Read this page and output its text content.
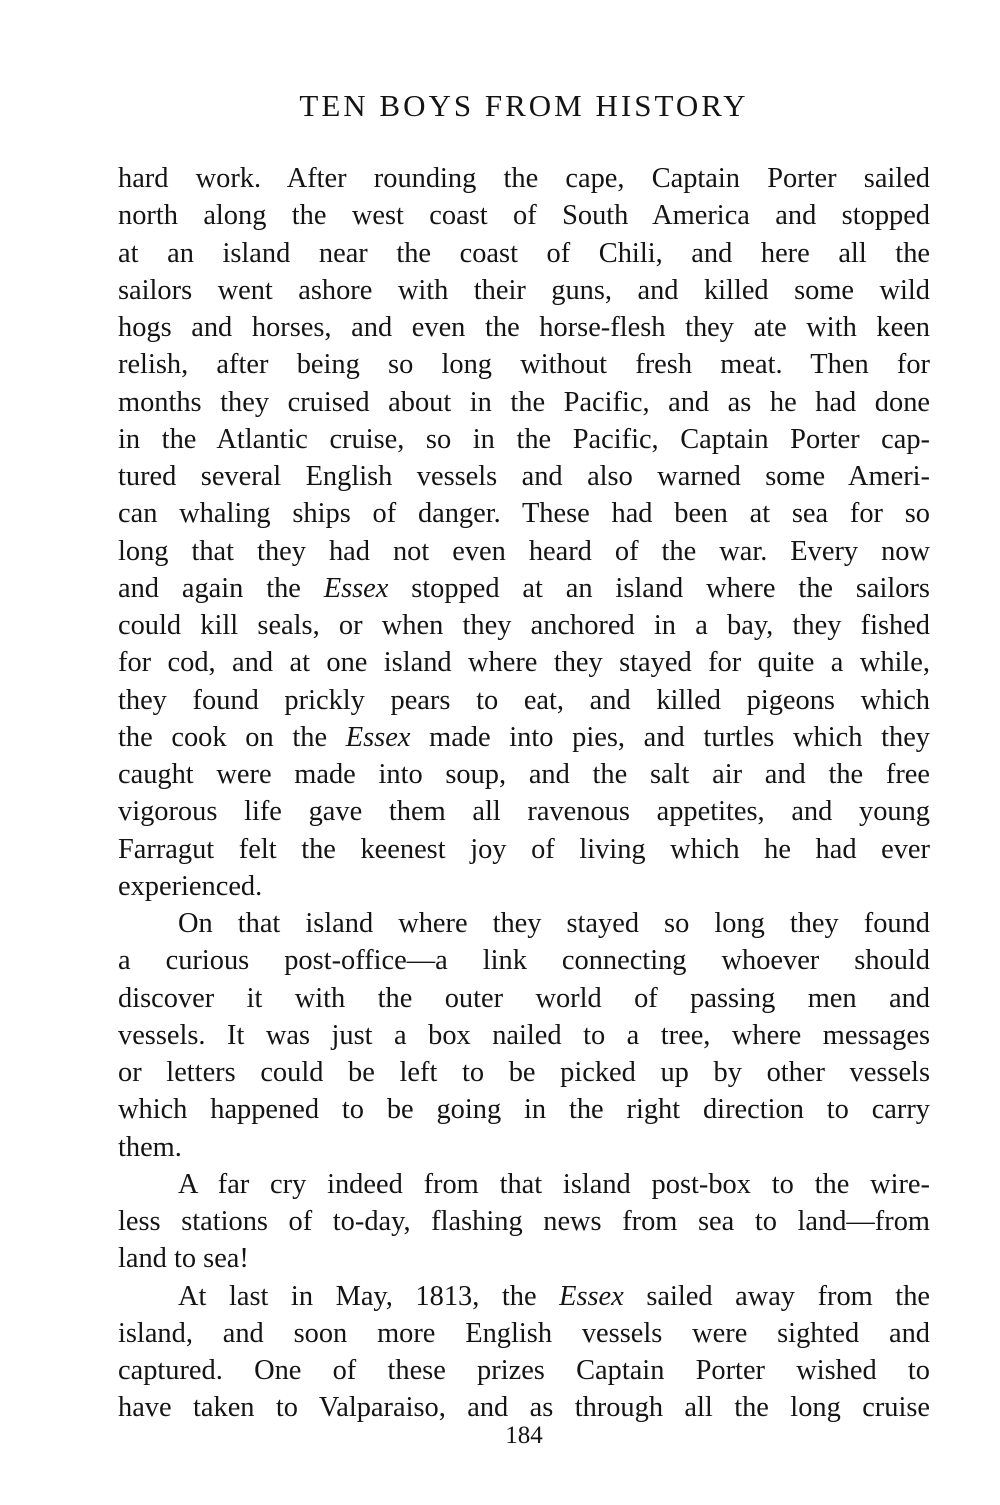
TEN BOYS FROM HISTORY
hard work. After rounding the cape, Captain Porter sailed
north along the west coast of South America and stopped
at an island near the coast of Chili, and here all the
sailors went ashore with their guns, and killed some wild
hogs and horses, and even the horse-flesh they ate with keen
relish, after being so long without fresh meat. Then for
months they cruised about in the Pacific, and as he had done
in the Atlantic cruise, so in the Pacific, Captain Porter cap-
tured several English vessels and also warned some Ameri-
can whaling ships of danger. These had been at sea for so
long that they had not even heard of the war. Every now
and again the Essex stopped at an island where the sailors
could kill seals, or when they anchored in a bay, they fished
for cod, and at one island where they stayed for quite a while,
they found prickly pears to eat, and killed pigeons which
the cook on the Essex made into pies, and turtles which they
caught were made into soup, and the salt air and the free
vigorous life gave them all ravenous appetites, and young
Farragut felt the keenest joy of living which he had ever
experienced.
On that island where they stayed so long they found
a curious post-office—a link connecting whoever should
discover it with the outer world of passing men and
vessels. It was just a box nailed to a tree, where messages
or letters could be left to be picked up by other vessels
which happened to be going in the right direction to carry
them.
A far cry indeed from that island post-box to the wire-
less stations of to-day, flashing news from sea to land—from
land to sea!
At last in May, 1813, the Essex sailed away from the
island, and soon more English vessels were sighted and
captured. One of these prizes Captain Porter wished to
have taken to Valparaiso, and as through all the long cruise
184
